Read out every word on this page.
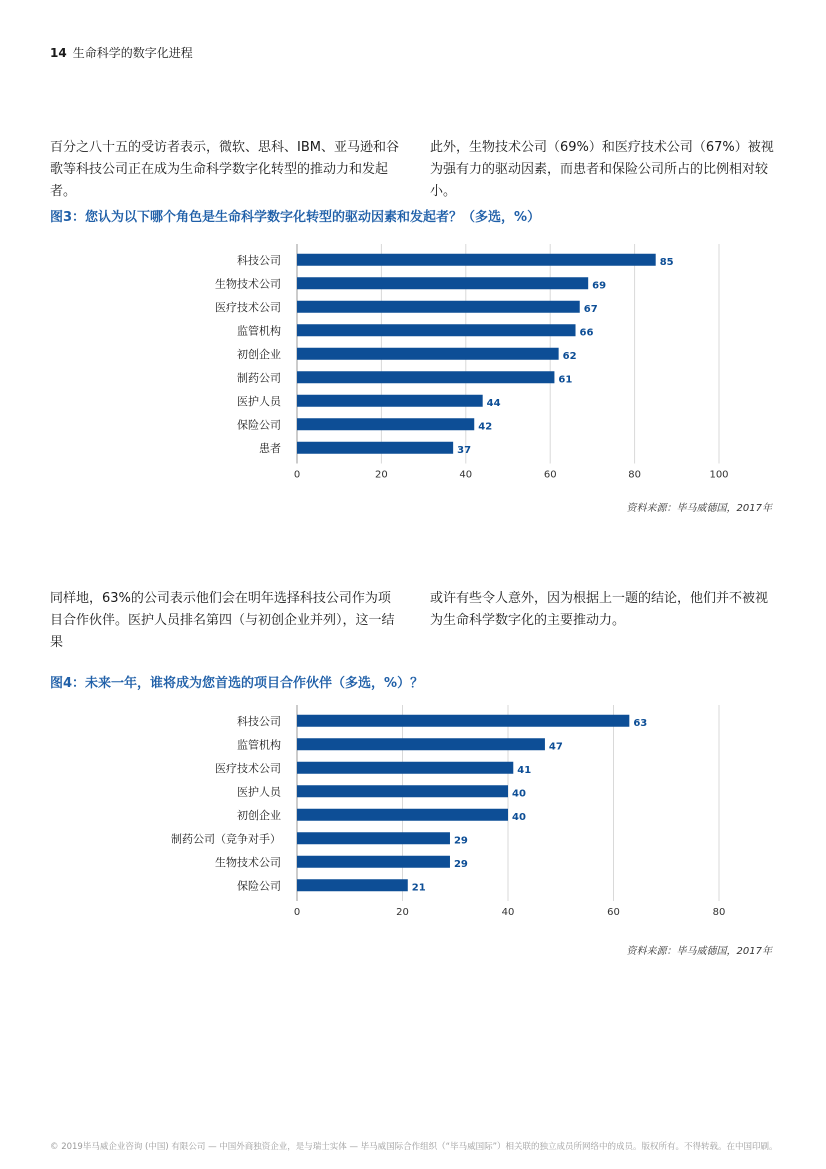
14 生命科学的数字化进程
百分之八十五的受访者表示，微软、思科、IBM、亚马逊和谷歌等科技公司正在成为生命科学数字化转型的推动力和发起者。
此外，生物技术公司（69%）和医疗技术公司（67%）被视为强有力的驱动因素，而患者和保险公司所占的比例相对较小。
图3：您认为以下哪个角色是生命科学数字化转型的驱动因素和发起者？（多选，%）
0	20	40	60	80	100
科技公司	85
生物技术公司	69
医疗技术公司	67
监管机构	66
初创企业	62
制药公司	61
医护人员	44
保险公司	42
患者	37
资料来源：毕马威德国，2017年
同样地，63%的公司表示他们会在明年选择科技公司作为项目合作伙伴。医护人员排名第四（与初创企业并列），这一结果
或许有些令人意外，因为根据上一题的结论，他们并不被视为生命科学数字化的主要推动力。
图4：未来一年，谁将成为您首选的项目合作伙伴（多选，%）？
0	20	40	60	80
科技公司	63
监管机构	47
医疗技术公司	41
医护人员	40
初创企业	40
制药公司（竞争对手）	29
生物技术公司	29
保险公司	21
资料来源：毕马威德国，2017年
© 2019毕马威企业咨询 (中国) 有限公司 — 中国外商独资企业，是与瑞士实体 — 毕马威国际合作组织（“毕马威国际”）相关联的独立成员所网络中的成员。版权所有。不得转载。在中国印刷。
